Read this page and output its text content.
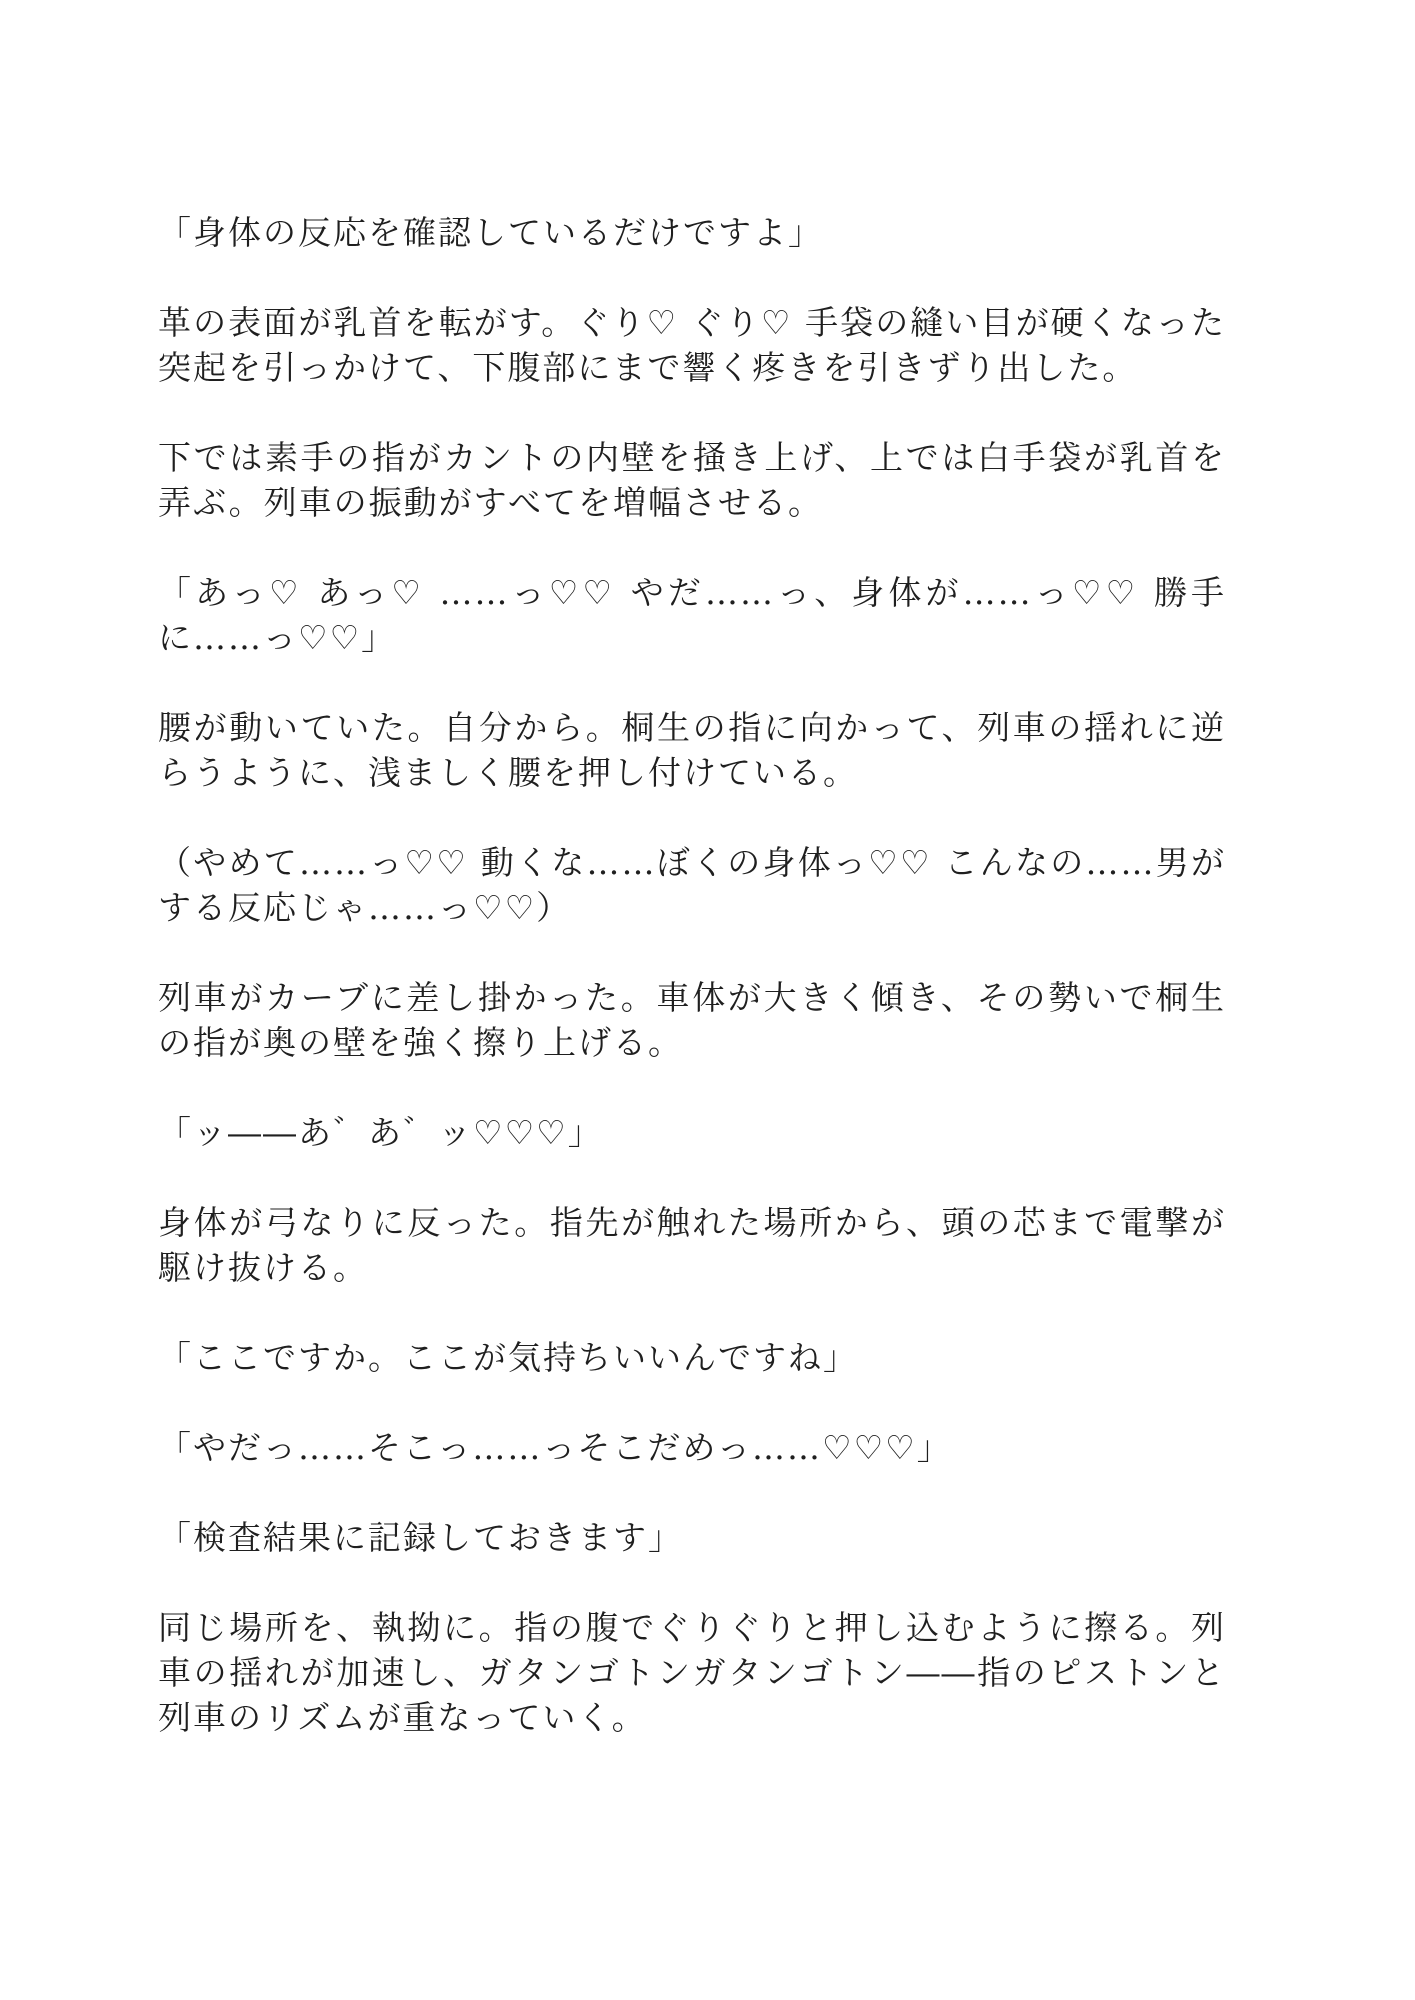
「身体の反応を確認しているだけですよ」

革の表面が乳首を転がす。ぐり♡ ぐり♡ 手袋の縫い目が硬くなった突起を引っかけて、下腹部にまで響く疼きを引きずり出した。

下では素手の指がカントの内壁を掻き上げ、上では白手袋が乳首を弄ぶ。列車の振動がすべてを増幅させる。

「あっ♡ あっ♡ ……っ♡♡ やだ……っ、身体が……っ♡♡ 勝手に……っ♡♡」

腰が動いていた。自分から。桐生の指に向かって、列車の揺れに逆らうように、浅ましく腰を押し付けている。

（やめて……っ♡♡ 動くな……ぼくの身体っ♡♡ こんなの……男がする反応じゃ……っ♡♡）

列車がカーブに差し掛かった。車体が大きく傾き、その勢いで桐生の指が奥の壁を強く擦り上げる。

「ッ――あ゛あ゛ッ♡♡♡」

身体が弓なりに反った。指先が触れた場所から、頭の芯まで電撃が駆け抜ける。

「ここですか。ここが気持ちいいんですね」

「やだっ……そこっ……っそこだめっ……♡♡♡」

「検査結果に記録しておきます」

同じ場所を、執拗に。指の腹でぐりぐりと押し込むように擦る。列車の揺れが加速し、ガタンゴトンガタンゴトン――指のピストンと列車のリズムが重なっていく。
